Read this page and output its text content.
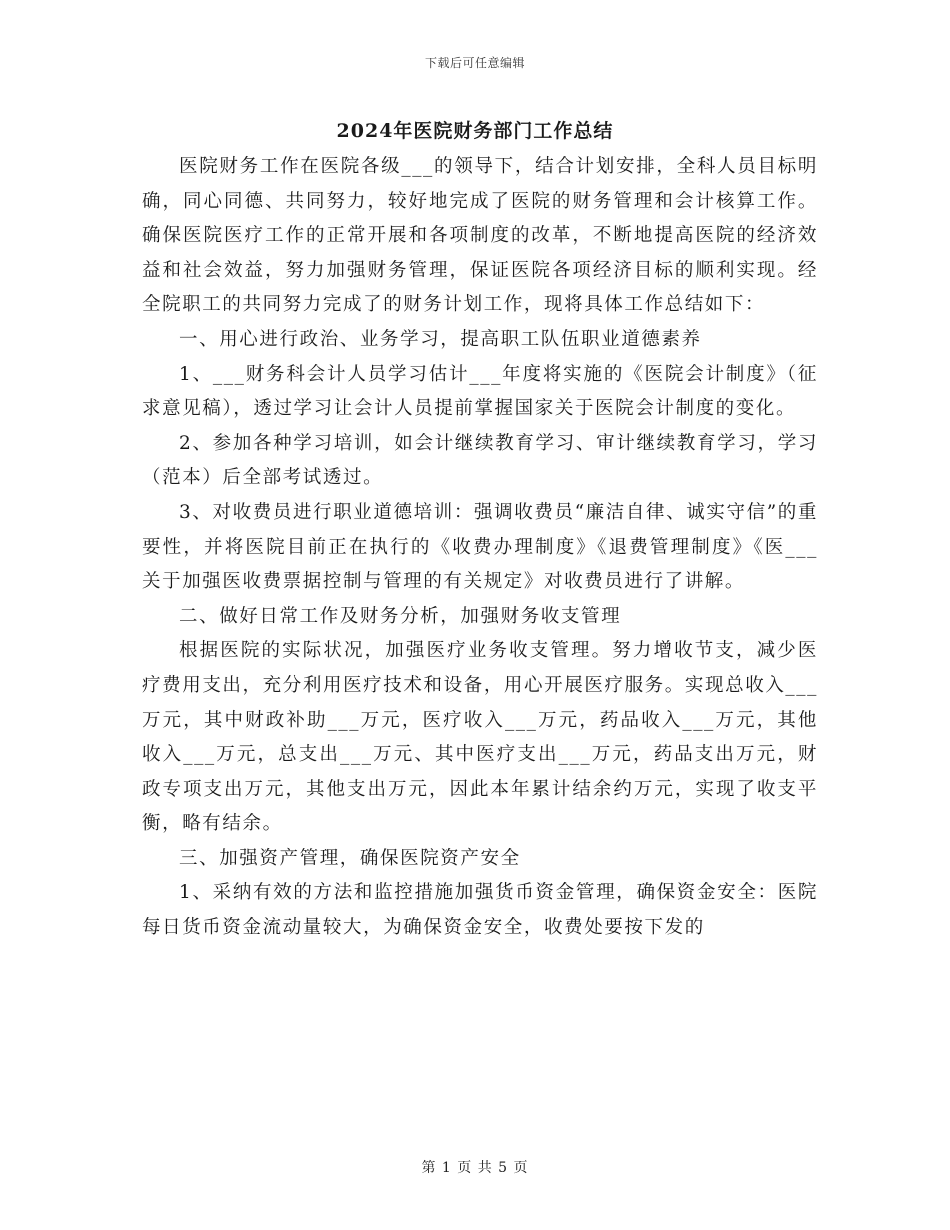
下载后可任意编辑
2024年医院财务部门工作总结

医院财务工作在医院各级___的领导下，结合计划安排，全科人员目标明确，同心同德、共同努力，较好地完成了医院的财务管理和会计核算工作。确保医院医疗工作的正常开展和各项制度的改革，不断地提高医院的经济效益和社会效益，努力加强财务管理，保证医院各项经济目标的顺利实现。经全院职工的共同努力完成了的财务计划工作，现将具体工作总结如下：

一、用心进行政治、业务学习，提高职工队伍职业道德素养

1、___财务科会计人员学习估计___年度将实施的《医院会计制度》（征求意见稿），透过学习让会计人员提前掌握国家关于医院会计制度的变化。

2、参加各种学习培训，如会计继续教育学习、审计继续教育学习，学习（范本）后全部考试透过。

3、对收费员进行职业道德培训：强调收费员“廉洁自律、诚实守信”的重要性，并将医院目前正在执行的《收费办理制度》《退费管理制度》《医___关于加强医收费票据控制与管理的有关规定》对收费员进行了讲解。

二、做好日常工作及财务分析，加强财务收支管理

根据医院的实际状况，加强医疗业务收支管理。努力增收节支，减少医疗费用支出，充分利用医疗技术和设备，用心开展医疗服务。实现总收入___万元，其中财政补助___万元，医疗收入___万元，药品收入___万元，其他收入___万元，总支出___万元、其中医疗支出___万元，药品支出万元，财政专项支出万元，其他支出万元，因此本年累计结余约万元，实现了收支平衡，略有结余。

三、加强资产管理，确保医院资产安全

1、采纳有效的方法和监控措施加强货币资金管理，确保资金安全：医院每日货币资金流动量较大，为确保资金安全，收费处要按下发的

第 1 页 共 5 页
